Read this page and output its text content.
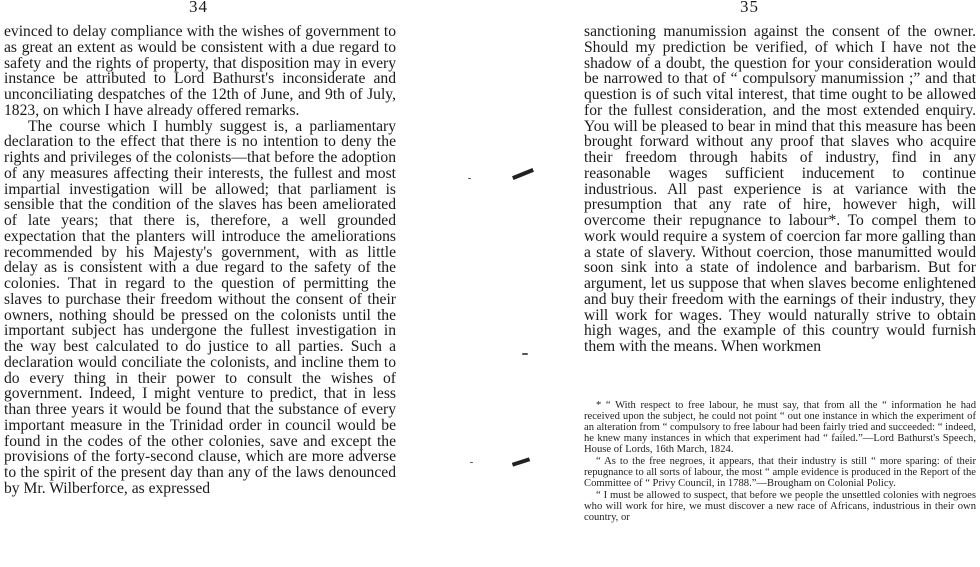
34

evinced to delay compliance with the wishes of government to as great an extent as would be consistent with a due regard to safety and the rights of property, that disposition may in every instance be attributed to Lord Bathurst's inconsiderate and unconciliating despatches of the 12th of June, and 9th of July, 1823, on which I have already offered remarks.

The course which I humbly suggest is, a parliamentary declaration to the effect that there is no intention to deny the rights and privileges of the colonists—that before the adoption of any measures affecting their interests, the fullest and most impartial investigation will be allowed; that parliament is sensible that the condition of the slaves has been ameliorated of late years; that there is, therefore, a well grounded expectation that the planters will introduce the ameliorations recommended by his Majesty's government, with as little delay as is consistent with a due regard to the safety of the colonies. That in regard to the question of permitting the slaves to purchase their freedom without the consent of their owners, nothing should be pressed on the colonists until the important subject has undergone the fullest investigation in the way best calculated to do justice to all parties. Such a declaration would conciliate the colonists, and incline them to do every thing in their power to consult the wishes of government. Indeed, I might venture to predict, that in less than three years it would be found that the substance of every important measure in the Trinidad order in council would be found in the codes of the other colonies, save and except the provisions of the forty-second clause, which are more adverse to the spirit of the present day than any of the laws denounced by Mr. Wilberforce, as expressed

35

sanctioning manumission against the consent of the owner. Should my prediction be verified, of which I have not the shadow of a doubt, the question for your consideration would be narrowed to that of “ compulsory manumission ;” and that question is of such vital interest, that time ought to be allowed for the fullest consideration, and the most extended enquiry. You will be pleased to bear in mind that this measure has been brought forward without any proof that slaves who acquire their freedom through habits of industry, find in any reasonable wages sufficient inducement to continue industrious. All past experience is at variance with the presumption that any rate of hire, however high, will overcome their repugnance to labour*. To compel them to work would require a system of coercion far more galling than a state of slavery. Without coercion, those manumitted would soon sink into a state of indolence and barbarism. But for argument, let us suppose that when slaves become enlightened and buy their freedom with the earnings of their industry, they will work for wages. They would naturally strive to obtain high wages, and the example of this country would furnish them with the means. When workmen

* “ With respect to free labour, he must say, that from all the “ information he had received upon the subject, he could not point “ out one instance in which the experiment of an alteration from “ compulsory to free labour had been fairly tried and succeeded: “ indeed, he knew many instances in which that experiment had “ failed.”—Lord Bathurst's Speech, House of Lords, 16th March, 1824.

“ As to the free negroes, it appears, that their industry is still “ more sparing: of their repugnance to all sorts of labour, the most “ ample evidence is produced in the Report of the Committee of “ Privy Council, in 1788.”—Brougham on Colonial Policy.

“ I must be allowed to suspect, that before we people the unsettled colonies with negroes who will work for hire, we must discover a new race of Africans, industrious in their own country, or
